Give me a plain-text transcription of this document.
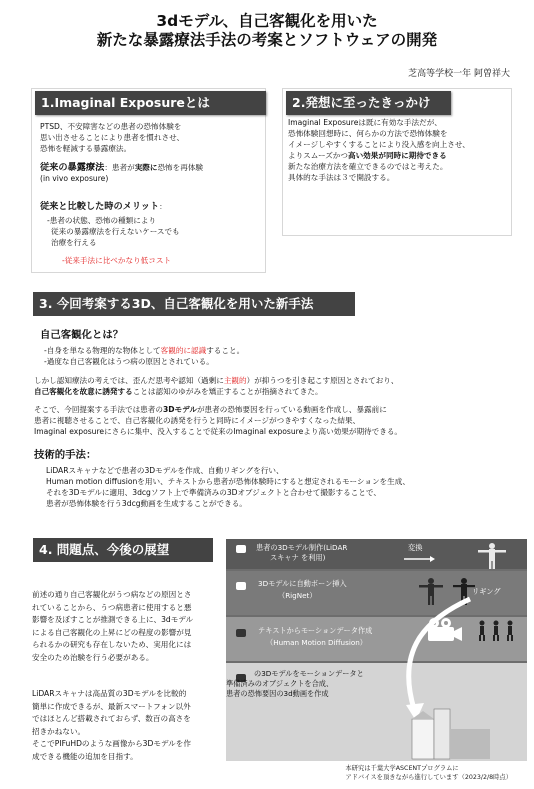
3dモデル、自己客観化を用いた
新たな暴露療法手法の考案とソフトウェアの開発
芝高等学校一年 阿曽祥大
1.Imaginal Exposureとは
PTSD、不安障害などの患者の恐怖体験を
思い出させることにより患者を慣れさせ、
恐怖を軽減する暴露療法。
従来の暴露療法：患者が実際に恐怖を再体験
(in vivo exposure)
従来と比較した時のメリット：
-患者の状態、恐怖の種類により
従来の暴露療法を行えないケースでも
治療を行える
-従来手法に比べかなり低コスト
2.発想に至ったきっかけ
Imaginal Exposureは既に有効な手法だが、
恐怖体験回想時に、何らかの方法で恐怖体験を
イメージしやすくすることにより没入感を向上させ、
よりスムーズかつ高い効果が同時に期待できる
新たな治療方法を確立できるのではと考えた。
具体的な手法は３で開設する。
3. 今回考案する3D、自己客観化を用いた新手法
自己客観化とは？
-自身を単なる物理的な物体として客観的に認識すること。
-過度な自己客観化はうつ病の原因とされている。
しかし認知療法の考えでは、歪んだ思考や認知（過剰に主観的）が抑うつを引き起こす原因とされており、
自己客観化を故意に誘発することは認知のゆがみを矯正することが指摘されてきた。
そこで、今回提案する手法では患者の3Dモデルが患者の恐怖要因を行っている動画を作成し、暴露前に
患者に視聴させることで、自己客観化の誘発を行うと同時にイメージがつきやすくなった結果、
Imaginal exposureにさらに集中、没入することで従来のImaginal exposureより高い効果が期待できる。
技術的手法：
LiDARスキャナなどで患者の3Dモデルを作成、自動リギングを行い、
Human motion diffusionを用い、テキストから患者が恐怖体験時にすると想定されるモーションを生成、
それを3Dモデルに適用、3dcgソフト上で準備済みの3Dオブジェクトと合わせて撮影することで、
患者が恐怖体験を行う3dcg動画を生成することができる。
4. 問題点、今後の展望
前述の通り自己客観化がうつ病などの原因とさ
れていることから、うつ病患者に使用すると悪
影響を及ぼすことが推測できる上に、3dモデル
による自己客観化の上昇にどの程度の影響が見
られるかの研究も存在しないため、実用化には
安全のため治験を行う必要がある。
LiDARスキャナは高品質の3Dモデルを比較的
簡単に作成できるが、最新スマートフォン以外
ではほとんど搭載されておらず、数百の高さを
招きかねない。
そこでPIFuHDのような画像から3Dモデルを作
成できる機能の追加を目指す。
患者の3Dモデル制作(LiDAR
スキャナ を利用)
3Dモデルに自動ボーン挿入
（RigNet）
テキストからモーションデータ作成
（Human Motion Diffusion）
の3Dモデルをモーションデータと
準備済みのオブジェクトを合成、
患者の恐怖要因の3d動画を作成
変換
リギング
本研究は千葉大学ASCENTプログラムに
アドバイスを頂きながら進行しています（2023/2/8時点）
